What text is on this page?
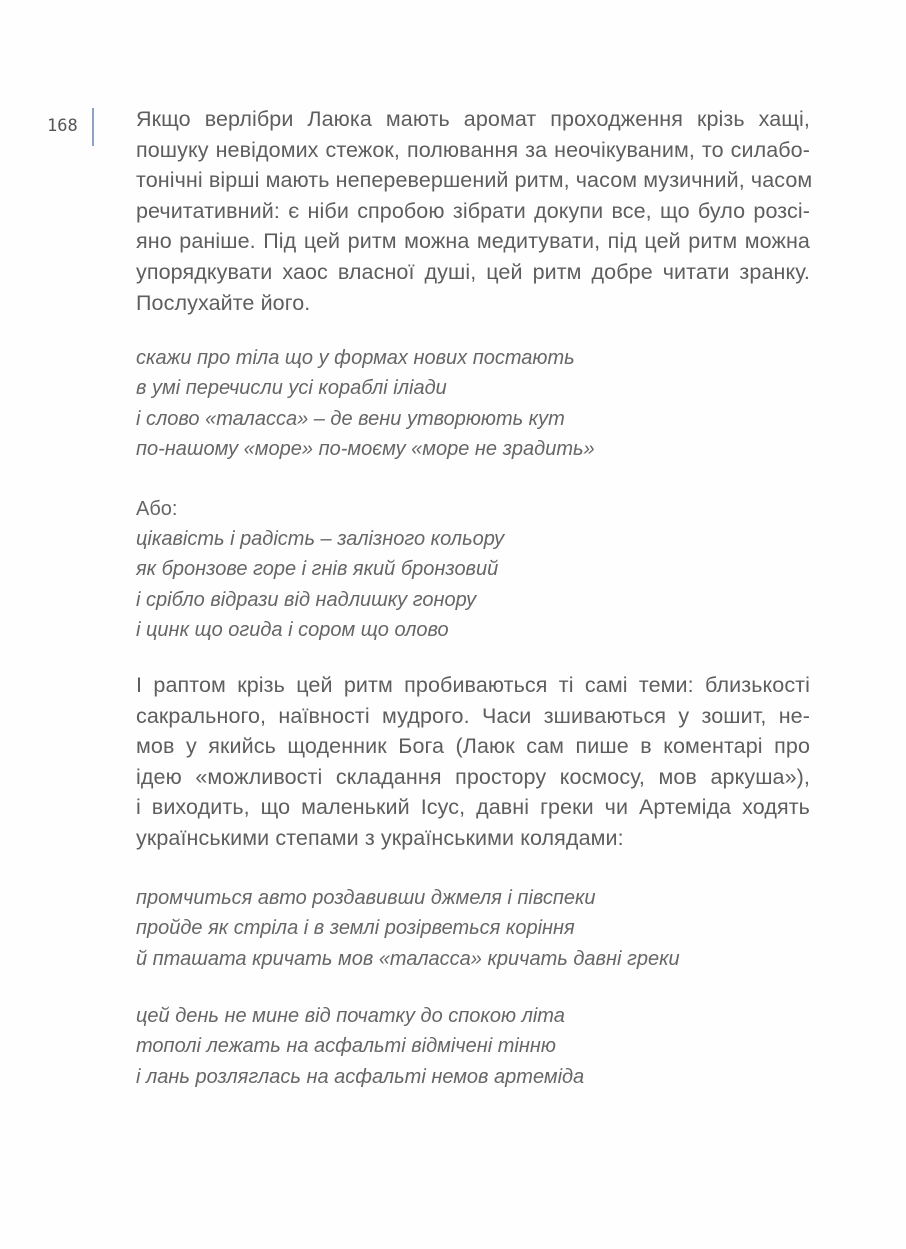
168	Якщо верлібри Лаюка мають аромат проходження крізь хащі,
пошуку невідомих стежок, полювання за неочікуваним, то силабо-
тонічні вірші мають неперевершений ритм, часом музичний, часом
речитативний: є ніби спробою зібрати докупи все, що було розсі-
яно раніше. Під цей ритм можна медитувати, під цей ритм можна
упорядкувати хаос власної душі, цей ритм добре читати зранку.
Послухайте його.
скажи про тіла що у формах нових постають
в умі перечисли усі кораблі іліади
і слово «таласса» – де вени утворюють кут
по-нашому «море» по-моєму «море не зрадить»
Або:
цікавість і радість – залізного кольору
як бронзове горе і гнів який бронзовий
і срібло відрази від надлишку гонору
і цинк що огида і сором що олово
І раптом крізь цей ритм пробиваються ті самі теми: близькості
сакрального, наївності мудрого. Часи зшиваються у зошит, не-
мов у якийсь щоденник Бога (Лаюк сам пише в коментарі про
ідею «можливості складання простору космосу, мов аркуша»),
і виходить, що маленький Ісус, давні греки чи Артеміда ходять
українськими степами з українськими колядами:
промчиться авто роздавивши джмеля і півспеки
пройде як стріла і в землі розірветься коріння
й пташата кричать мов «таласса» кричать давні греки
цей день не мине від початку до спокою літа
тополі лежать на асфальті відмічені тінню
і лань розляглась на асфальті немов артеміда
